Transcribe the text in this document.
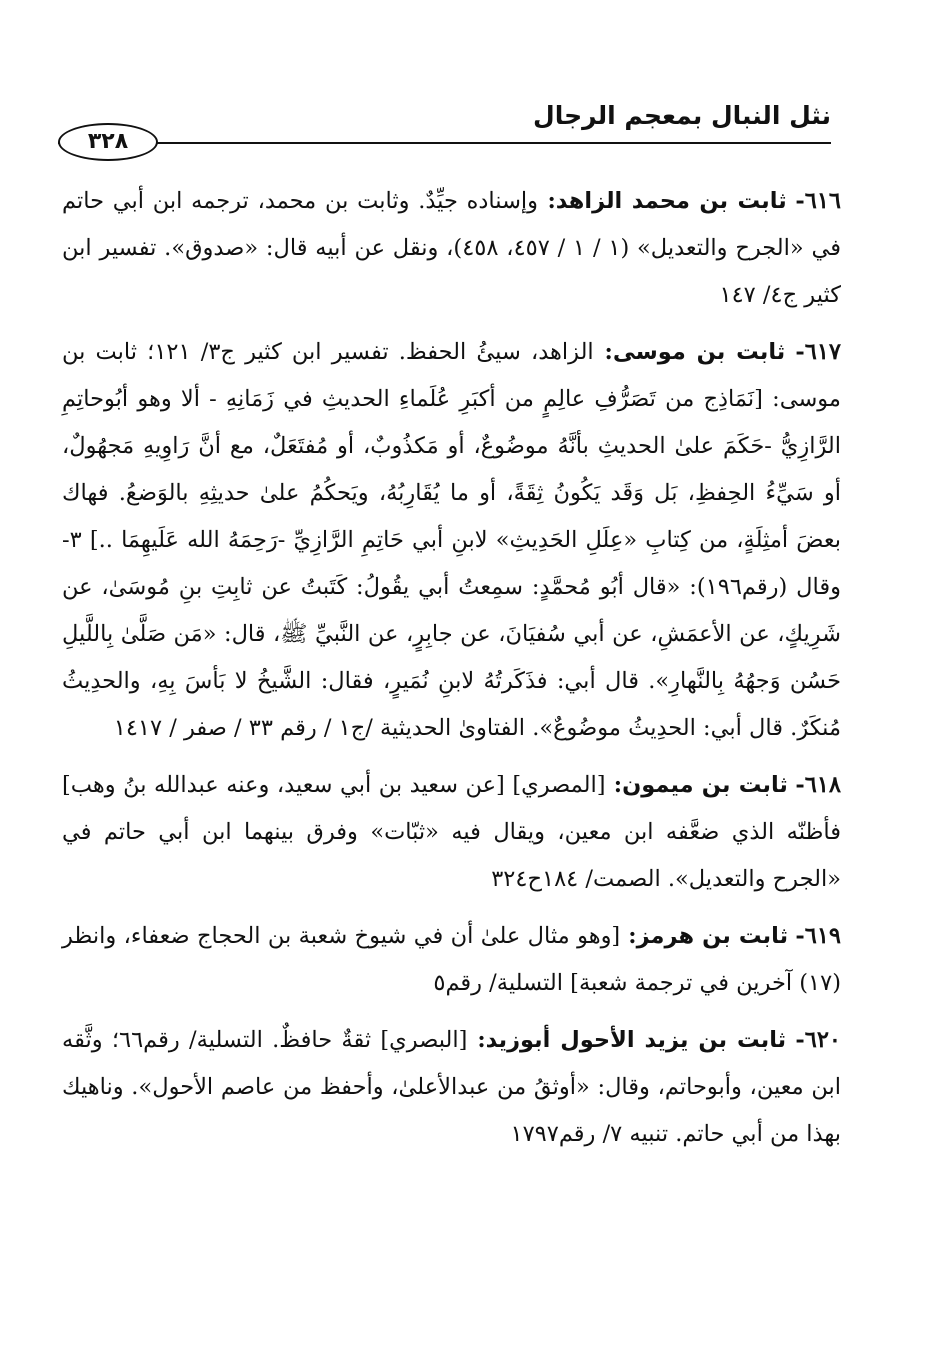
نثل النبال بمعجم الرجال
٣٢٨

٦١٦- ثابت بن محمد الزاهد: وإسناده جيِّدٌ. وثابت بن محمد، ترجمه ابن أبي حاتم في «الجرح والتعديل» (١ / ١ / ٤٥٧، ٤٥٨)، ونقل عن أبيه قال: «صدوق». تفسير ابن كثير ج٤/ ١٤٧

٦١٧- ثابت بن موسى: الزاهد، سيئُ الحفظ. تفسير ابن كثير ج٣/ ١٢١؛ ثابت بن موسى: [نَمَاذِج من تَصَرُّفِ عالِمٍ من أكبَرِ عُلَماءِ الحديثِ في زَمَانِهِ - ألا وهو أبُوحاتِمِ الرَّازِيُّ -حَكَمَ علىٰ الحديثِ بأنَّهُ موضُوعٌ، أو مَكذُوبٌ، أو مُفتَعَلٌ، مع أنَّ رَاوِيهِ مَجهُولٌ، أو سَيِّءُ الحِفظِ، بَل وَقَد يَكُونُ ثِقَةً، أو ما يُقَارِبُهُ، ويَحكُمُ علىٰ حديثِهِ بالوَضعُ. فهاك بعضَ أمثِلَةٍ، من كِتابِ «عِلَلِ الحَدِيثِ» لابنِ أبي حَاتِمِ الرَّازِيِّ -رَحِمَهُ الله عَلَيهِمَا ..] ٣- وقال (رقم١٩٦): «قال أبُو مُحمَّدٍ: سمِعتُ أبي يقُولُ: كَتَبتُ عن ثابِتِ بنِ مُوسَىٰ، عن شَرِيكٍ، عن الأعمَشِ، عن أبي سُفيَانَ، عن جابِرٍ، عن النَّبيِّ ﷺ، قال: «مَن صَلَّىٰ بِاللَّيلِ حَسُن وَجهُهُ بِالنَّهارِ». قال أبي: فذَكَرتُهُ لابنِ نُمَيرٍ، فقال: الشَّيخُ لا بَأسَ بِهِ، والحدِيثُ مُنكَرٌ. قال أبي: الحدِيثُ موضُوعٌ». الفتاوىٰ الحديثية /ج١ / رقم ٣٣ / صفر / ١٤١٧

٦١٨- ثابت بن ميمون: [المصري] [عن سعيد بن أبي سعيد، وعنه عبدالله بنُ وهب] فأظنّه الذي ضعَّفه ابن معين، ويقال فيه «ثبّات» وفرق بينهما ابن أبي حاتم في «الجرح والتعديل». الصمت/ ١٨٤ح٣٢٤

٦١٩- ثابت بن هرمز: [وهو مثال علىٰ أن في شيوخ شعبة بن الحجاج ضعفاء، وانظر (١٧) آخرين في ترجمة شعبة] التسلية/ رقم٥

٦٢٠- ثابت بن يزيد الأحول أبوزيد: [البصري] ثقةٌ حافظٌ. التسلية/ رقم٦٦؛ وثَّقه ابن معين، وأبوحاتم، وقال: «أوثقُ من عبدالأعلىٰ، وأحفظ من عاصم الأحول». وناهيك بهذا من أبي حاتم. تنبيه ٧/ رقم١٧٩٧
